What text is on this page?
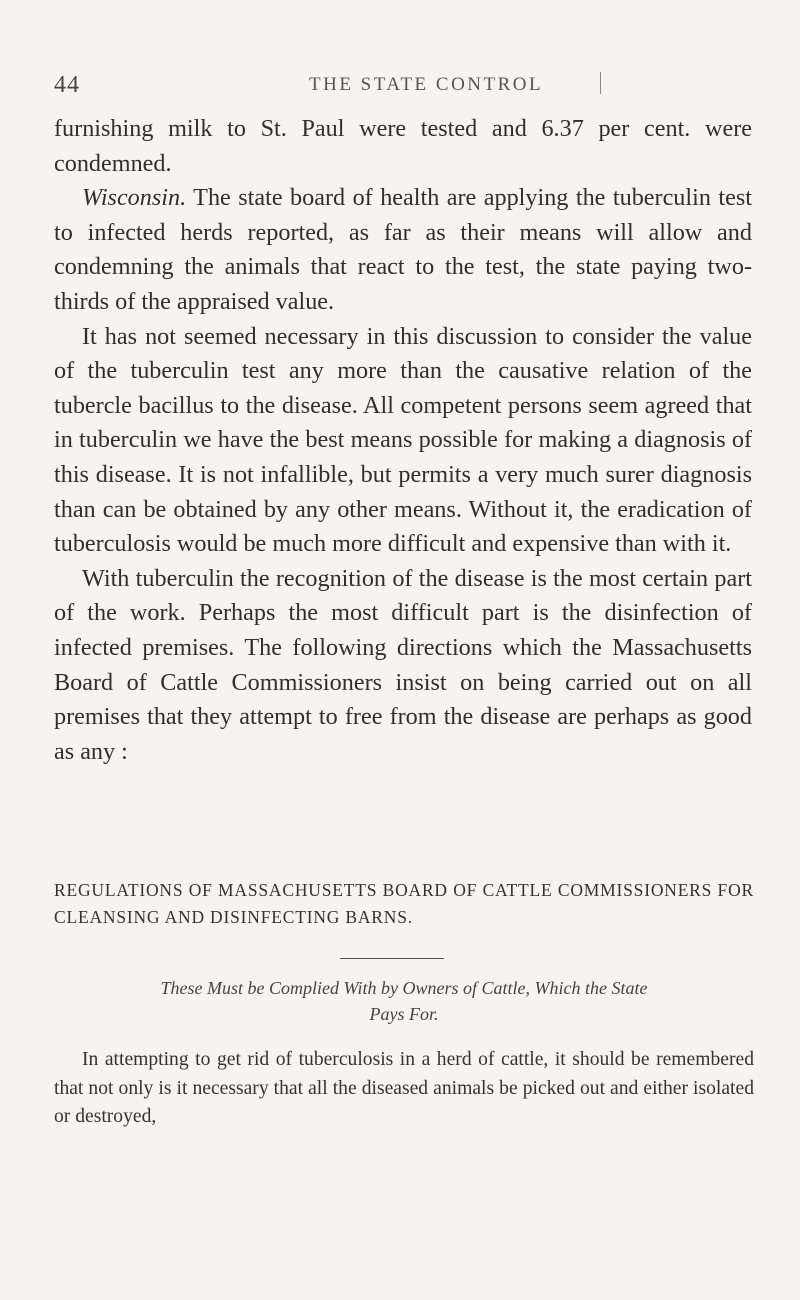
44	THE STATE CONTROL

furnishing milk to St. Paul were tested and 6.37 per cent. were condemned.

Wisconsin. The state board of health are applying the tuberculin test to infected herds reported, as far as their means will allow and condemning the animals that react to the test, the state paying two-thirds of the appraised value.

It has not seemed necessary in this discussion to consider the value of the tuberculin test any more than the causative relation of the tubercle bacillus to the disease. All competent persons seem agreed that in tuberculin we have the best means possible for making a diagnosis of this disease. It is not infallible, but permits a very much surer diagnosis than can be obtained by any other means. Without it, the eradication of tuberculosis would be much more difficult and expensive than with it.

With tuberculin the recognition of the disease is the most certain part of the work. Perhaps the most difficult part is the disinfection of infected premises. The following directions which the Massachusetts Board of Cattle Commissioners insist on being carried out on all premises that they attempt to free from the disease are perhaps as good as any :

REGULATIONS OF MASSACHUSETTS BOARD OF CATTLE COMMISSIONERS FOR CLEANSING AND DISINFECTING BARNS.
These Must be Complied With by Owners of Cattle, Which the State
Pays For.

In attempting to get rid of tuberculosis in a herd of cattle, it should be remembered that not only is it necessary that all the diseased animals be picked out and either isolated or destroyed,
